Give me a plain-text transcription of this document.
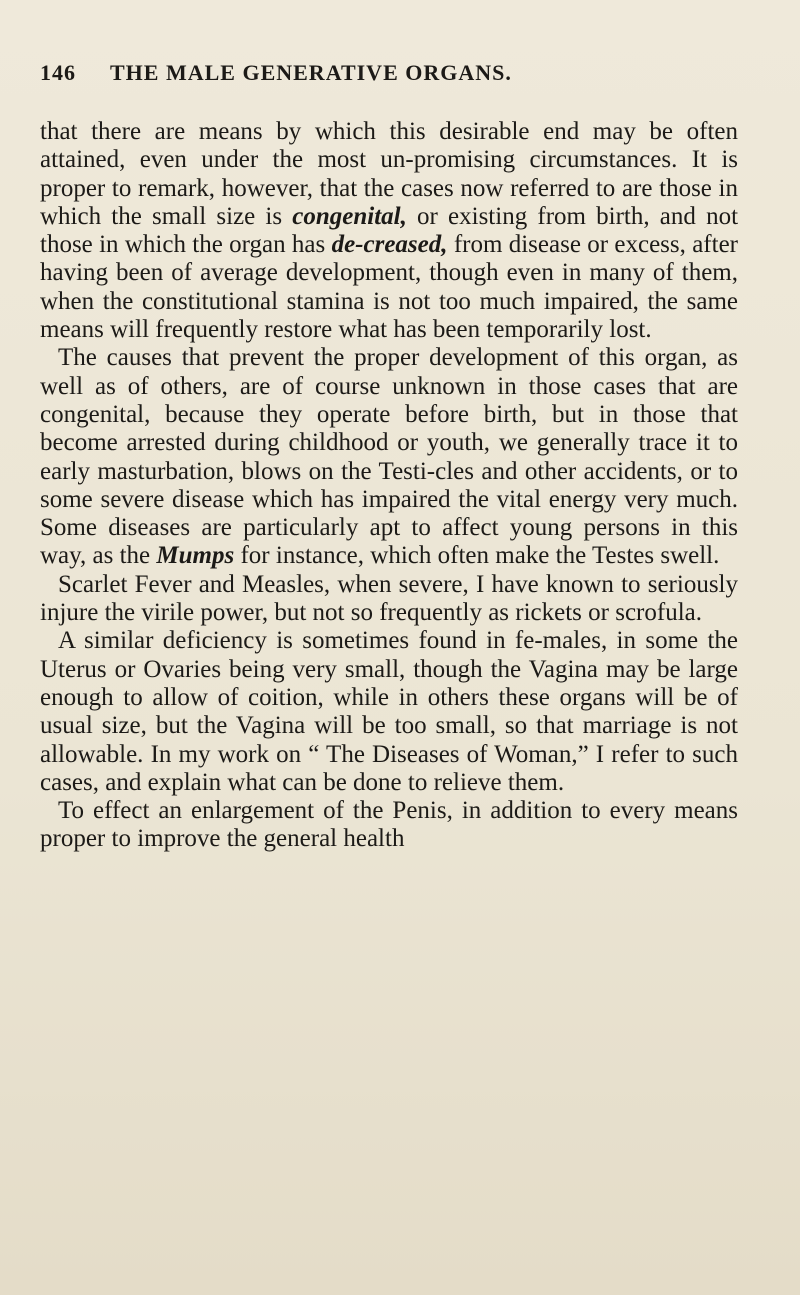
146 THE MALE GENERATIVE ORGANS.

that there are means by which this desirable end may be often attained, even under the most un-promising circumstances. It is proper to remark, however, that the cases now referred to are those in which the small size is congenital, or existing from birth, and not those in which the organ has de-creased, from disease or excess, after having been of average development, though even in many of them, when the constitutional stamina is not too much impaired, the same means will frequently restore what has been temporarily lost.

The causes that prevent the proper development of this organ, as well as of others, are of course unknown in those cases that are congenital, because they operate before birth, but in those that become arrested during childhood or youth, we generally trace it to early masturbation, blows on the Testi-cles and other accidents, or to some severe disease which has impaired the vital energy very much. Some diseases are particularly apt to affect young persons in this way, as the Mumps for instance, which often make the Testes swell.

Scarlet Fever and Measles, when severe, I have known to seriously injure the virile power, but not so frequently as rickets or scrofula.

A similar deficiency is sometimes found in fe-males, in some the Uterus or Ovaries being very small, though the Vagina may be large enough to allow of coition, while in others these organs will be of usual size, but the Vagina will be too small, so that marriage is not allowable. In my work on “ The Diseases of Woman,” I refer to such cases, and explain what can be done to relieve them.

To effect an enlargement of the Penis, in addition to every means proper to improve the general health
